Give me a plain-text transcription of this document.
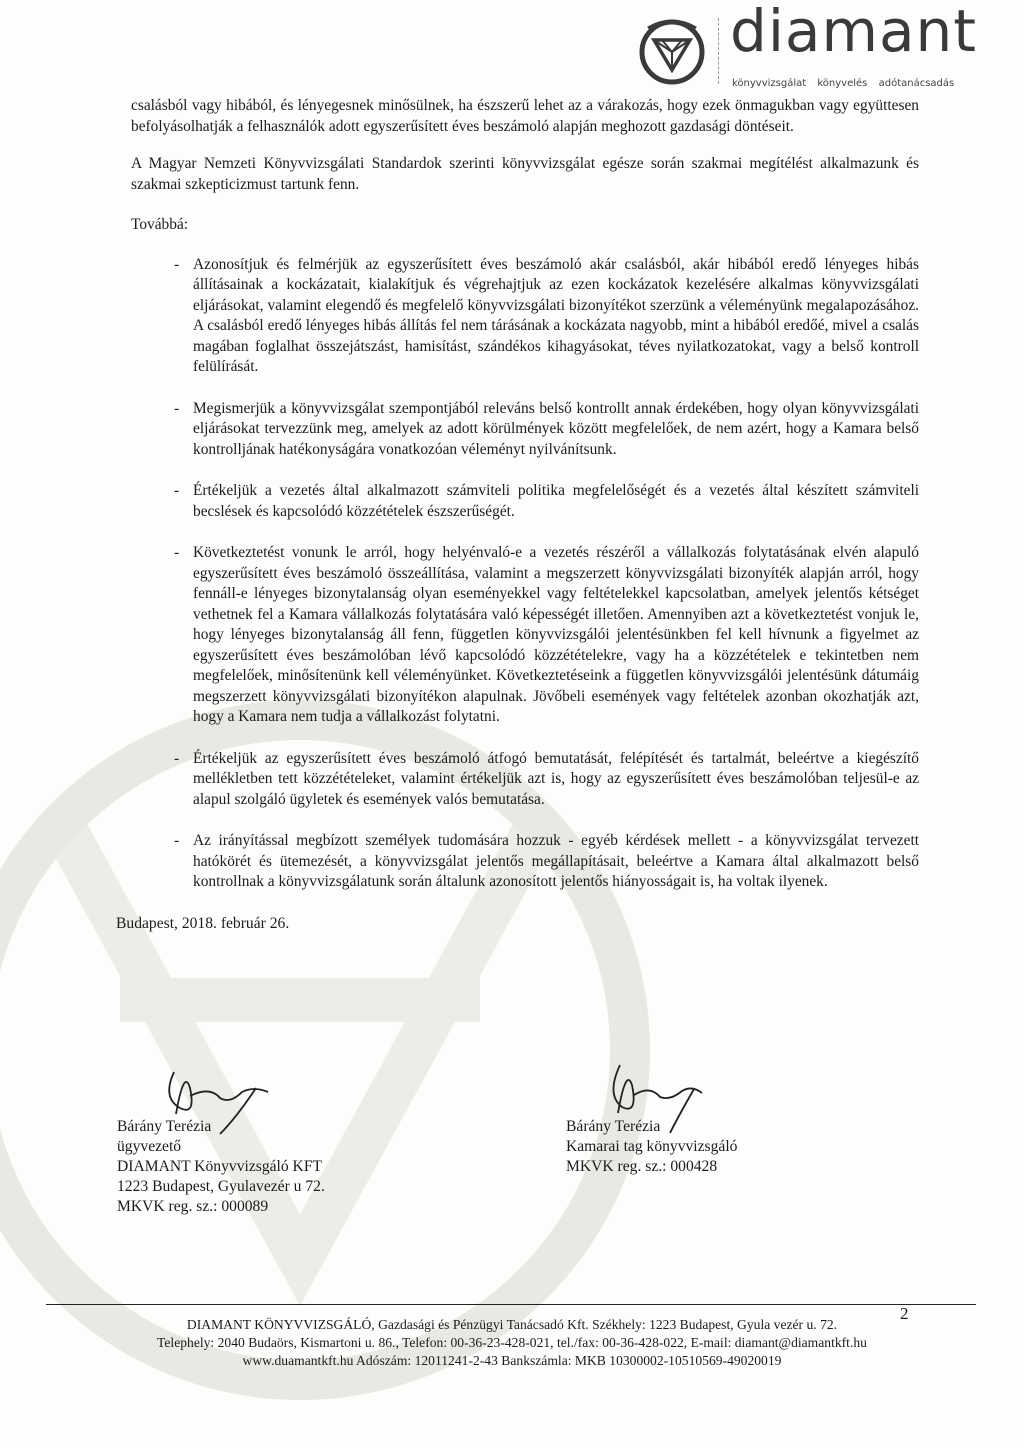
diamant
könyvvizsgálat könyvelés adótanácsadás

csalásból vagy hibából, és lényegesnek minősülnek, ha észszerű lehet az a várakozás, hogy ezek önmagukban vagy együttesen befolyásolhatják a felhasználók adott egyszerűsített éves beszámoló alapján meghozott gazdasági döntéseit.

A Magyar Nemzeti Könyvvizsgálati Standardok szerinti könyvvizsgálat egésze során szakmai megítélést alkalmazunk és szakmai szkepticizmust tartunk fenn.

Továbbá:

- Azonosítjuk és felmérjük az egyszerűsített éves beszámoló akár csalásból, akár hibából eredő lényeges hibás állításainak a kockázatait, kialakítjuk és végrehajtjuk az ezen kockázatok kezelésére alkalmas könyvvizsgálati eljárásokat, valamint elegendő és megfelelő könyvvizsgálati bizonyítékot szerzünk a véleményünk megalapozásához. A csalásból eredő lényeges hibás állítás fel nem tárásának a kockázata nagyobb, mint a hibából eredőé, mivel a csalás magában foglalhat összejátszást, hamisítást, szándékos kihagyásokat, téves nyilatkozatokat, vagy a belső kontroll felülírását.
- Megismerjük a könyvvizsgálat szempontjából releváns belső kontrollt annak érdekében, hogy olyan könyvvizsgálati eljárásokat tervezzünk meg, amelyek az adott körülmények között megfelelőek, de nem azért, hogy a Kamara belső kontrolljának hatékonyságára vonatkozóan véleményt nyilvánítsunk.
- Értékeljük a vezetés által alkalmazott számviteli politika megfelelőségét és a vezetés által készített számviteli becslések és kapcsolódó közzétételek észszerűségét.
- Következtetést vonunk le arról, hogy helyénvaló-e a vezetés részéről a vállalkozás folytatásának elvén alapuló egyszerűsített éves beszámoló összeállítása, valamint a megszerzett könyvvizsgálati bizonyíték alapján arról, hogy fennáll-e lényeges bizonytalanság olyan eseményekkel vagy feltételekkel kapcsolatban, amelyek jelentős kétséget vethetnek fel a Kamara vállalkozás folytatására való képességét illetően. Amennyiben azt a következtetést vonjuk le, hogy lényeges bizonytalanság áll fenn, független könyvvizsgálói jelentésünkben fel kell hívnunk a figyelmet az egyszerűsített éves beszámolóban lévő kapcsolódó közzétételekre, vagy ha a közzétételek e tekintetben nem megfelelőek, minősítenünk kell véleményünket. Következtetéseink a független könyvvizsgálói jelentésünk dátumáig megszerzett könyvvizsgálati bizonyítékon alapulnak. Jövőbeli események vagy feltételek azonban okozhatják azt, hogy a Kamara nem tudja a vállalkozást folytatni.
- Értékeljük az egyszerűsített éves beszámoló átfogó bemutatását, felépítését és tartalmát, beleértve a kiegészítő mellékletben tett közzétételeket, valamint értékeljük azt is, hogy az egyszerűsített éves beszámolóban teljesül-e az alapul szolgáló ügyletek és események valós bemutatása.
- Az irányítással megbízott személyek tudomására hozzuk - egyéb kérdések mellett - a könyvvizsgálat tervezett hatókörét és ütemezését, a könyvvizsgálat jelentős megállapításait, beleértve a Kamara által alkalmazott belső kontrollnak a könyvvizsgálatunk során általunk azonosított jelentős hiányosságait is, ha voltak ilyenek.
Budapest, 2018. február 26.
Bárány Terézia
ügyvezető
DIAMANT Könyvvizsgáló KFT
1223 Budapest, Gyulavezér u 72.
MKVK reg. sz.: 000089
Bárány Terézia
Kamarai tag könyvvizsgáló
MKVK reg. sz.: 000428
2
DIAMANT KÖNYVVIZSGÁLÓ, Gazdasági és Pénzügyi Tanácsadó Kft. Székhely: 1223 Budapest, Gyula vezér u. 72.
Telephely: 2040 Budaörs, Kismartoni u. 86., Telefon: 00-36-23-428-021, tel./fax: 00-36-428-022, E-mail: diamant@diamantkft.hu
www.duamantkft.hu Adószám: 12011241-2-43 Bankszámla: MKB 10300002-10510569-49020019
